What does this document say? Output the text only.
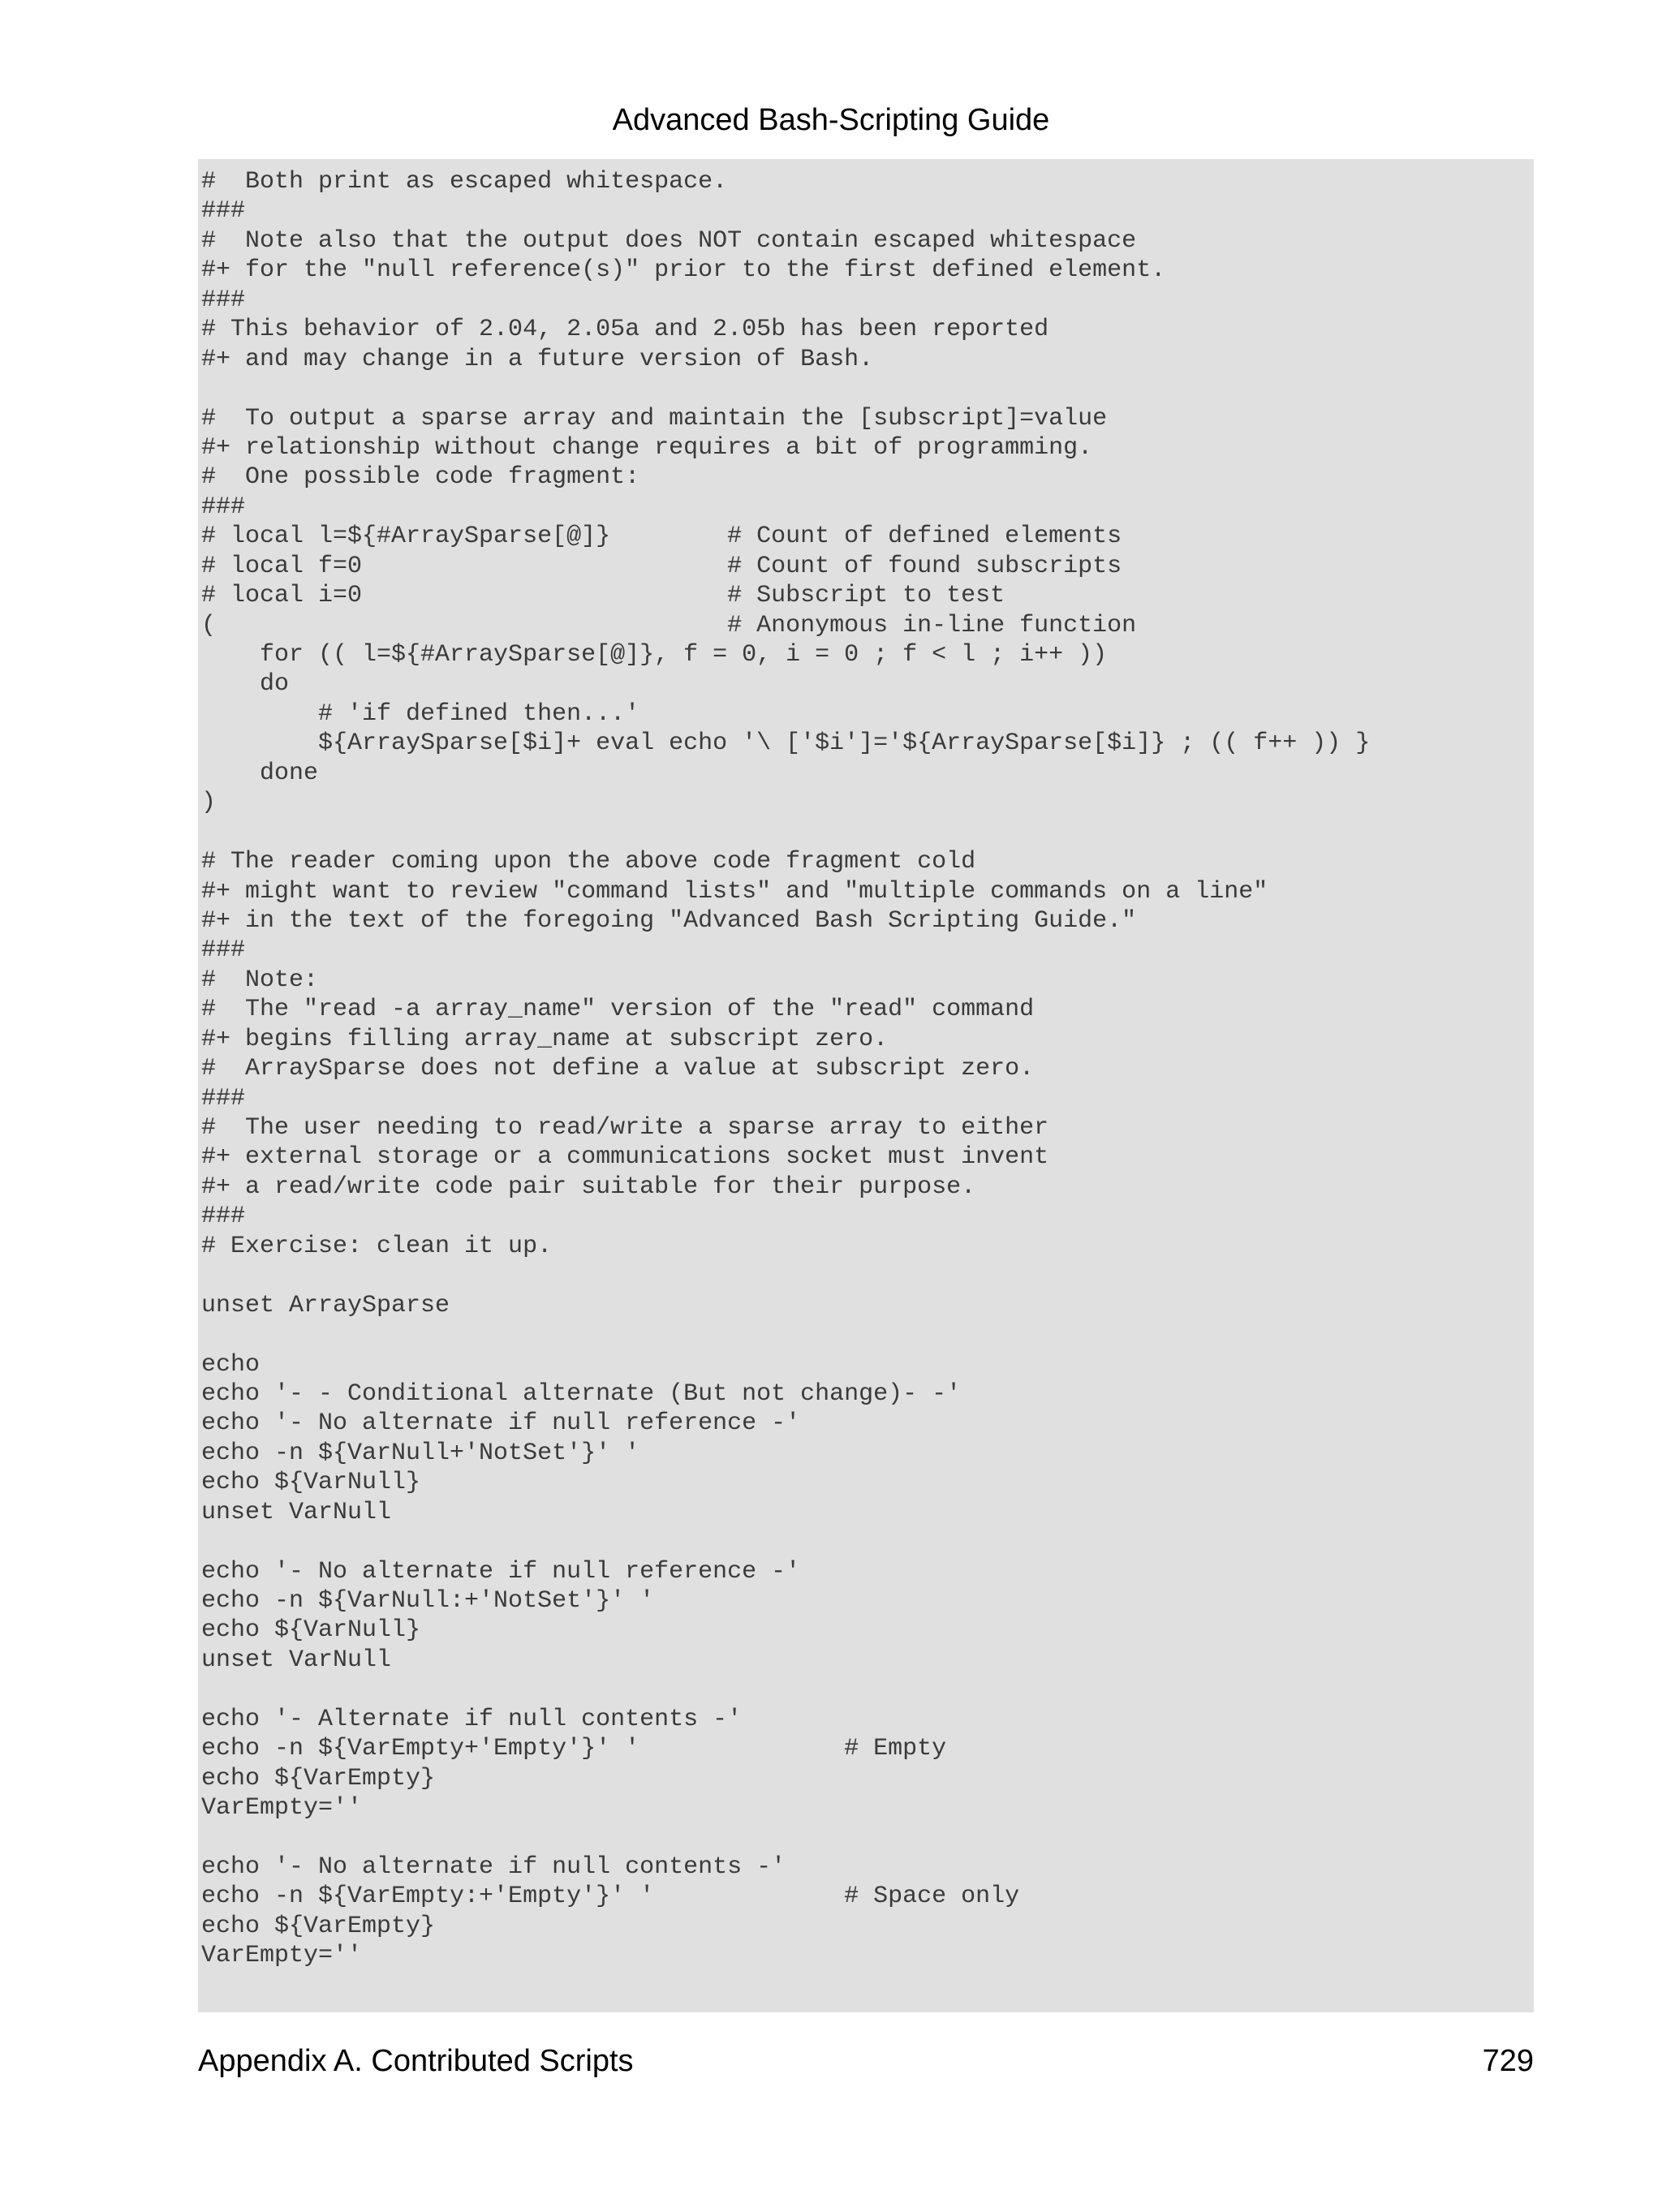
Advanced Bash-Scripting Guide
#  Both print as escaped whitespace.
###
#  Note also that the output does NOT contain escaped whitespace
#+ for the "null reference(s)" prior to the first defined element.
###
# This behavior of 2.04, 2.05a and 2.05b has been reported
#+ and may change in a future version of Bash.
#  To output a sparse array and maintain the [subscript]=value
#+ relationship without change requires a bit of programming.
#  One possible code fragment:
###
# local l=${#ArraySparse[@]}        # Count of defined elements
# local f=0                         # Count of found subscripts
# local i=0                         # Subscript to test
(                                   # Anonymous in-line function
for (( l=${#ArraySparse[@]}, f = 0, i = 0 ; f < l ; i++ ))
do
# 'if defined then...'
${ArraySparse[$i]+ eval echo '\ ['$i']='${ArraySparse[$i]} ; (( f++ )) }
done
)
# The reader coming upon the above code fragment cold
#+ might want to review "command lists" and "multiple commands on a line"
#+ in the text of the foregoing "Advanced Bash Scripting Guide."
###
#  Note:
#  The "read -a array_name" version of the "read" command
#+ begins filling array_name at subscript zero.
#  ArraySparse does not define a value at subscript zero.
###
#  The user needing to read/write a sparse array to either
#+ external storage or a communications socket must invent
#+ a read/write code pair suitable for their purpose.
###
# Exercise: clean it up.
unset ArraySparse
echo
echo '- - Conditional alternate (But not change)- -'
echo '- No alternate if null reference -'
echo -n ${VarNull+'NotSet'}' '
echo ${VarNull}
unset VarNull
echo '- No alternate if null reference -'
echo -n ${VarNull:+'NotSet'}' '
echo ${VarNull}
unset VarNull
echo '- Alternate if null contents -'
echo -n ${VarEmpty+'Empty'}' '              # Empty
echo ${VarEmpty}
VarEmpty=''
echo '- No alternate if null contents -'
echo -n ${VarEmpty:+'Empty'}' '             # Space only
echo ${VarEmpty}
VarEmpty=''
Appendix A. Contributed Scripts	729
